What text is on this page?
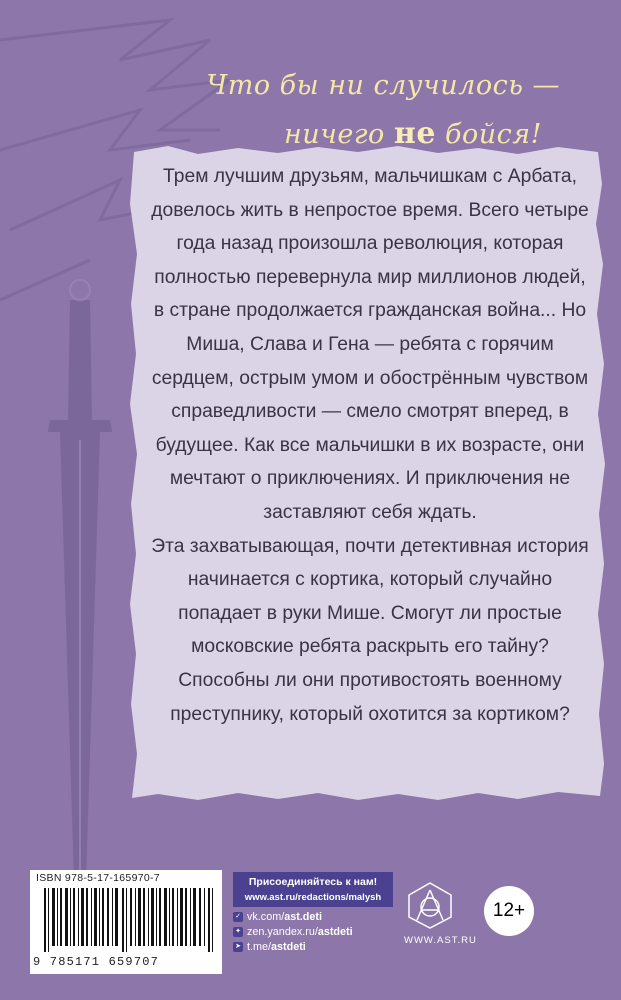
Что бы ни случилось —
ничего не бойся!

Трем лучшим друзьям, мальчишкам с Арбата, довелось жить в непростое время. Всего четыре года назад произошла революция, которая полностью перевернула мир миллионов людей, в стране продолжается гражданская война... Но Миша, Слава и Гена — ребята с горячим сердцем, острым умом и обострённым чувством справедливости — смело смотрят вперед, в будущее. Как все мальчишки в их возрасте, они мечтают о приключениях. И приключения не заставляют себя ждать.

Эта захватывающая, почти детективная история начинается с кортика, который случайно попадает в руки Мише. Смогут ли простые московские ребята раскрыть его тайну? Способны ли они противостоять военному преступнику, который охотится за кортиком?

ISBN 978-5-17-165970-7
9 785171 659707
Присоединяйтесь к нам!
www.ast.ru/redactions/malysh
✓ vk.com/ ast.deti
✦ zen.yandex.ru/ astdeti
➤ t.me/ astdeti
WWW.AST.RU
12+
